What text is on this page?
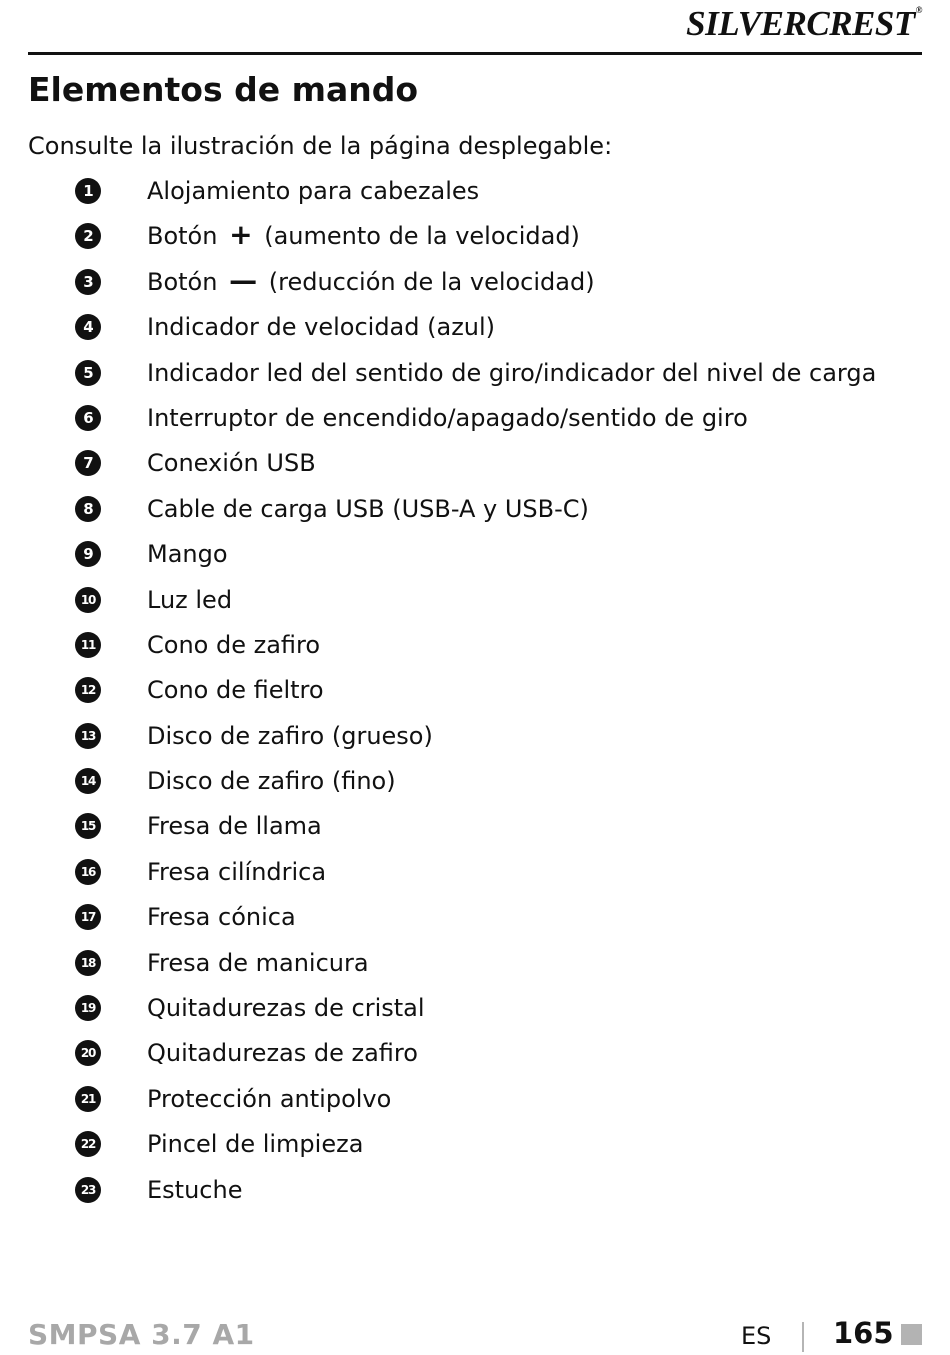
SILVERCREST®
Elementos de mando

Consulte la ilustración de la página desplegable:

1	Alojamiento para cabezales
2	Botón + (aumento de la velocidad)
3	Botón — (reducción de la velocidad)
4	Indicador de velocidad (azul)
5	Indicador led del sentido de giro/indicador del nivel de carga
6	Interruptor de encendido/apagado/sentido de giro
7	Conexión USB
8	Cable de carga USB (USB-A y USB-C)
9	Mango
10 Luz led
11 Cono de zafiro
12 Cono de fieltro
13 Disco de zafiro (grueso)
14 Disco de zafiro (fino)
15 Fresa de llama
16 Fresa cilíndrica
17 Fresa cónica
18 Fresa de manicura
19 Quitadurezas de cristal
20 Quitadurezas de zafiro
21 Protección antipolvo
22 Pincel de limpieza
23 Estuche
SMPSA 3.7 A1	ES 165
